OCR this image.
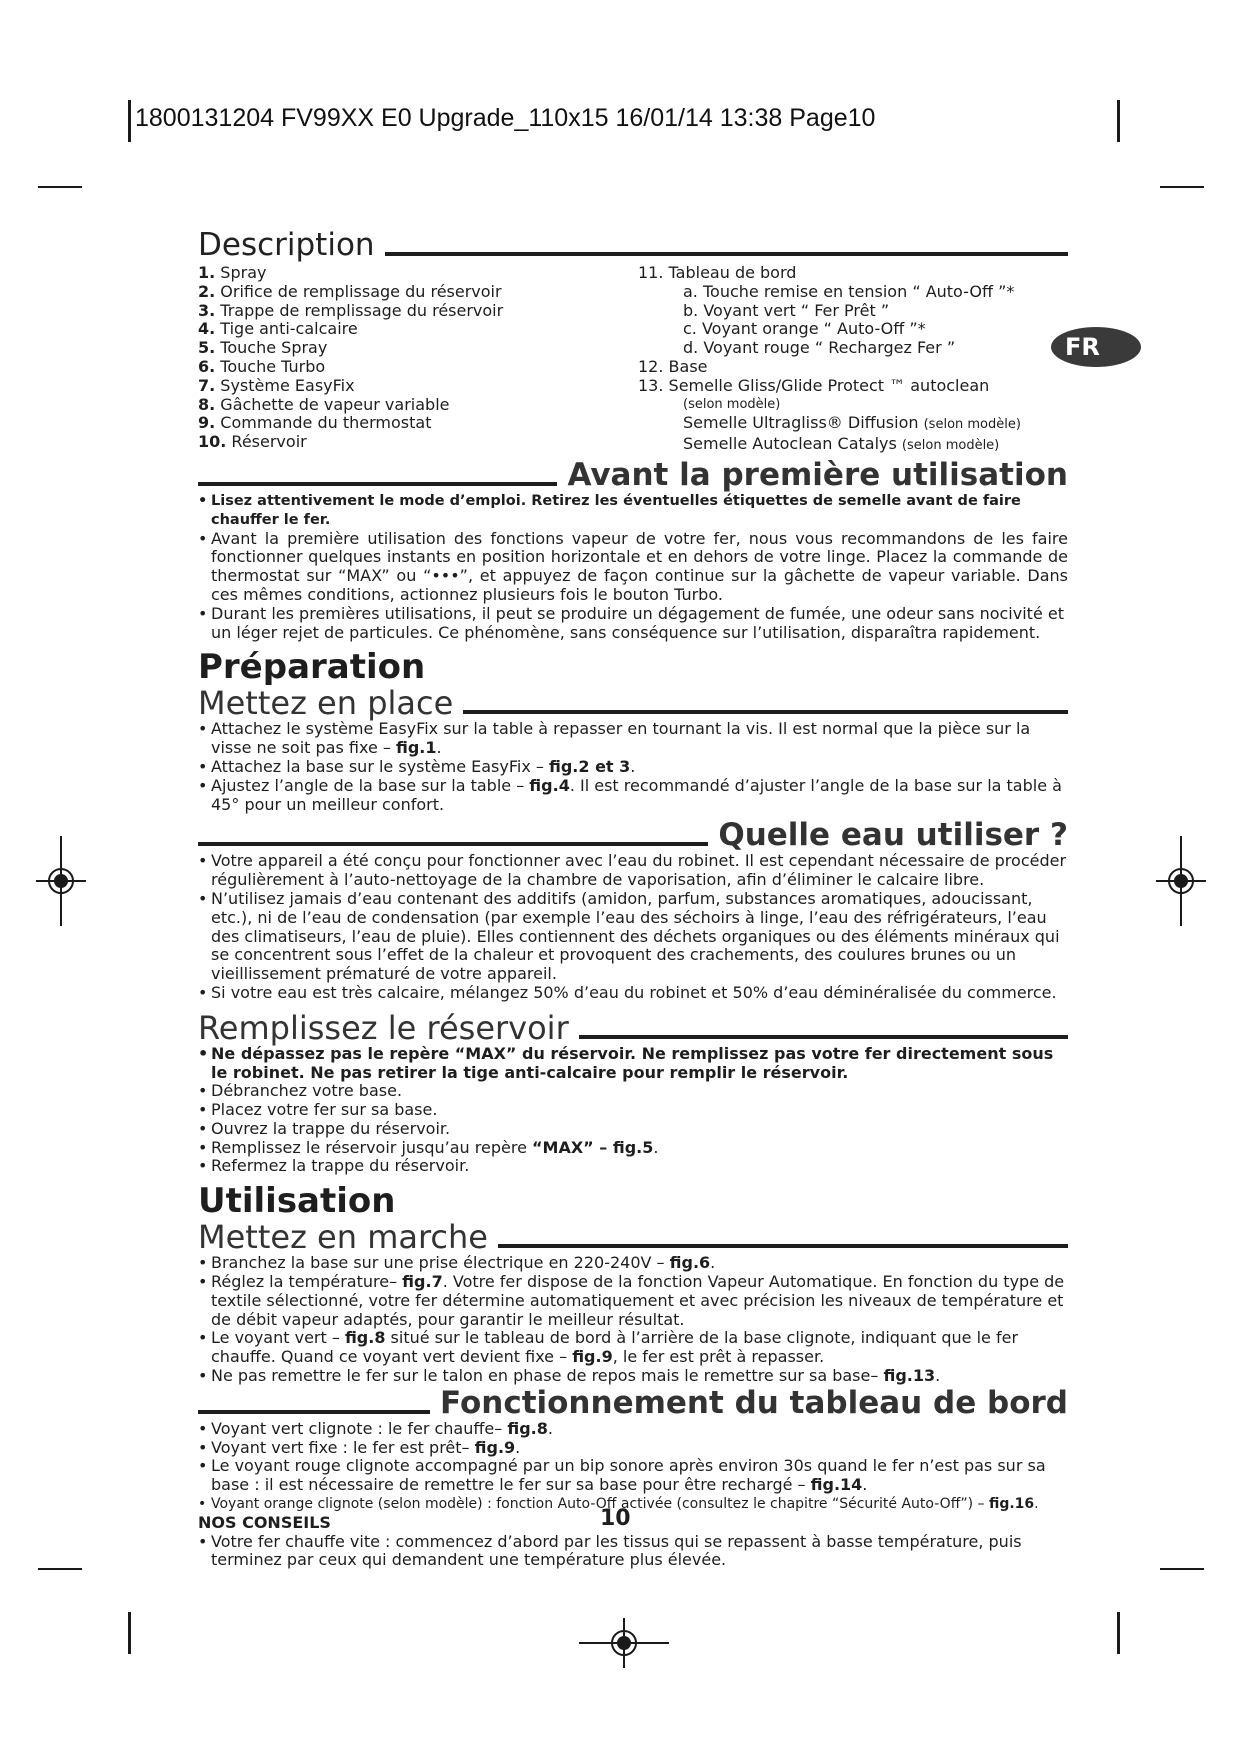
1800131204 FV99XX E0 Upgrade_110x15 16/01/14 13:38 Page10
FR
Description
1. Spray
2. Orifice de remplissage du réservoir
3. Trappe de remplissage du réservoir
4. Tige anti-calcaire
5. Touche Spray
6. Touche Turbo
7. Système EasyFix
8. Gâchette de vapeur variable
9. Commande du thermostat
10. Réservoir
11. Tableau de bord
a. Touche remise en tension “ Auto-Off ”*
b. Voyant vert “ Fer Prêt ”
c. Voyant orange “ Auto-Off ”*
d. Voyant rouge “ Rechargez Fer ”
12. Base
13. Semelle Gliss/Glide Protect ™ autoclean
(selon modèle)
Semelle Ultragliss® Diffusion (selon modèle)
Semelle Autoclean Catalys (selon modèle)
Avant la première utilisation
• Lisez attentivement le mode d’emploi. Retirez les éventuelles étiquettes de semelle avant de faire chauffer le fer.
• Avant la première utilisation des fonctions vapeur de votre fer, nous vous recommandons de les faire fonctionner quelques instants en position horizontale et en dehors de votre linge. Placez la commande de thermostat sur “MAX” ou “•••”, et appuyez de façon continue sur la gâchette de vapeur variable. Dans ces mêmes conditions, actionnez plusieurs fois le bouton Turbo.
• Durant les premières utilisations, il peut se produire un dégagement de fumée, une odeur sans nocivité et un léger rejet de particules. Ce phénomène, sans conséquence sur l’utilisation, disparaîtra rapidement.
Préparation
Mettez en place
• Attachez le système EasyFix sur la table à repasser en tournant la vis. Il est normal que la pièce sur la visse ne soit pas fixe – fig.1.
• Attachez la base sur le système EasyFix – fig.2 et 3.
• Ajustez l’angle de la base sur la table – fig.4. Il est recommandé d’ajuster l’angle de la base sur la table à 45° pour un meilleur confort.
Quelle eau utiliser ?
• Votre appareil a été conçu pour fonctionner avec l’eau du robinet. Il est cependant nécessaire de procéder régulièrement à l’auto-nettoyage de la chambre de vaporisation, afin d’éliminer le calcaire libre.
• N’utilisez jamais d’eau contenant des additifs (amidon, parfum, substances aromatiques, adoucissant, etc.), ni de l’eau de condensation (par exemple l’eau des séchoirs à linge, l’eau des réfrigérateurs, l’eau des climatiseurs, l’eau de pluie). Elles contiennent des déchets organiques ou des éléments minéraux qui se concentrent sous l’effet de la chaleur et provoquent des crachements, des coulures brunes ou un vieillissement prématuré de votre appareil.
• Si votre eau est très calcaire, mélangez 50% d’eau du robinet et 50% d’eau déminéralisée du commerce.
Remplissez le réservoir
• Ne dépassez pas le repère “MAX” du réservoir. Ne remplissez pas votre fer directement sous le robinet. Ne pas retirer la tige anti-calcaire pour remplir le réservoir.
• Débranchez votre base.
• Placez votre fer sur sa base.
• Ouvrez la trappe du réservoir.
• Remplissez le réservoir jusqu’au repère “MAX” – fig.5.
• Refermez la trappe du réservoir.
Utilisation
Mettez en marche
• Branchez la base sur une prise électrique en 220-240V – fig.6.
• Réglez la température– fig.7. Votre fer dispose de la fonction Vapeur Automatique. En fonction du type de textile sélectionné, votre fer détermine automatiquement et avec précision les niveaux de température et de débit vapeur adaptés, pour garantir le meilleur résultat.
• Le voyant vert – fig.8 situé sur le tableau de bord à l’arrière de la base clignote, indiquant que le fer chauffe. Quand ce voyant vert devient fixe – fig.9, le fer est prêt à repasser.
• Ne pas remettre le fer sur le talon en phase de repos mais le remettre sur sa base– fig.13.
Fonctionnement du tableau de bord
• Voyant vert clignote : le fer chauffe– fig.8.
• Voyant vert fixe : le fer est prêt– fig.9.
• Le voyant rouge clignote accompagné par un bip sonore après environ 30s quand le fer n’est pas sur sa base : il est nécessaire de remettre le fer sur sa base pour être rechargé – fig.14.
• Voyant orange clignote (selon modèle) : fonction Auto-Off activée (consultez le chapitre “Sécurité Auto-Off”) – fig.16.
NOS CONSEILS
• Votre fer chauffe vite : commencez d’abord par les tissus qui se repassent à basse température, puis terminez par ceux qui demandent une température plus élevée.
10
